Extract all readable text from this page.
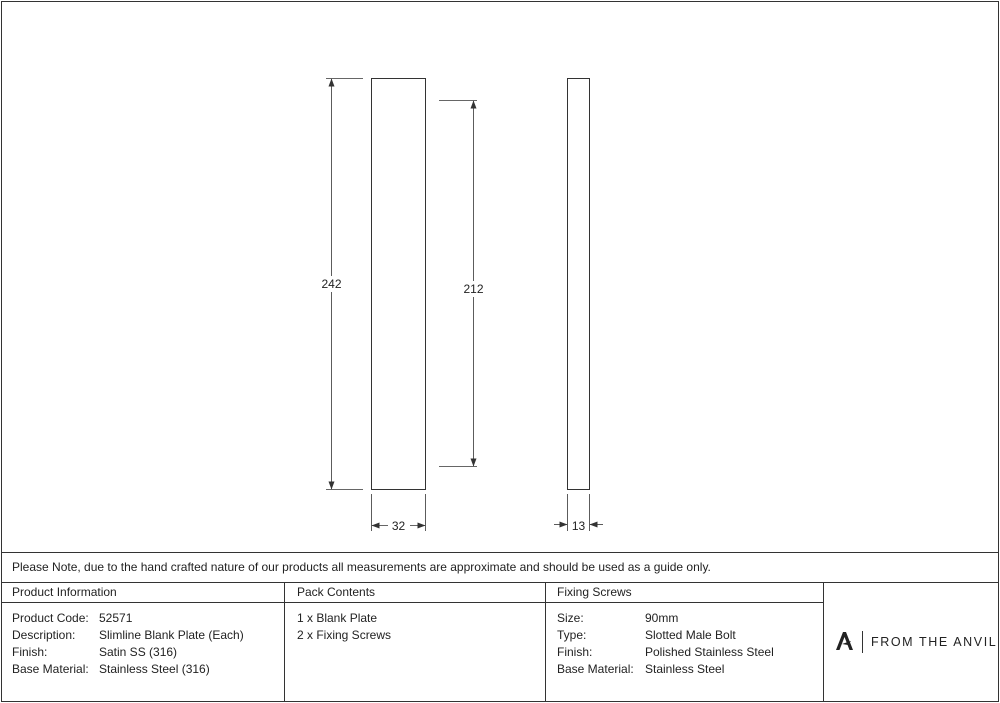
242	212
32	13
Please Note, due to the hand crafted nature of our products all measurements are approximate and should be used as a guide only.
Product Information
Product Code: 52571
Description: Slimline Blank Plate (Each)
Finish:	Satin SS (316)
Base Material: Stainless Steel (316)
Pack Contents
1 x Blank Plate
2 x Fixing Screws
Fixing Screws
Size:	90mm
Type:	Slotted Male Bolt
Finish:	Polished Stainless Steel
Base Material: Stainless Steel
FROM THE ANVIL
